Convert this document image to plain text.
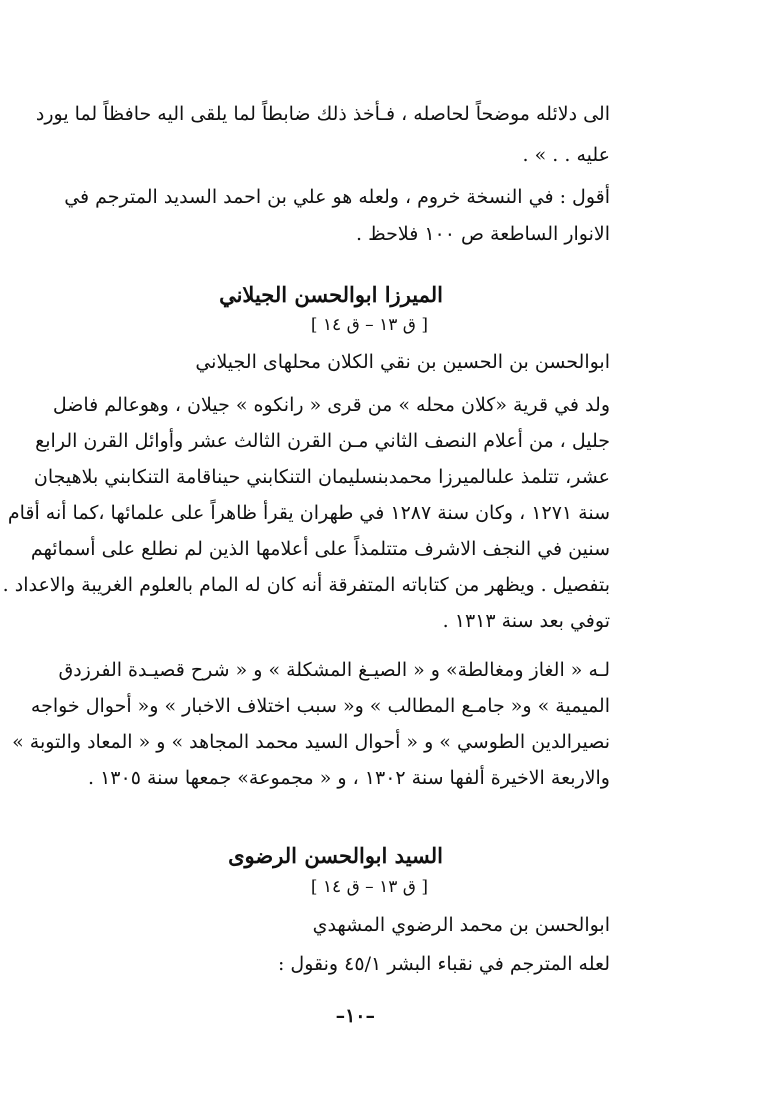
الى دلائله موضحاً لحاصله ، فـأخذ ذلك ضابطاً لما يلقى اليه حافظاً لما يورد
عليه . . » .
أقول : في النسخة خروم ، ولعله هو علي بن احمد السديد المترجم في
الانوار الساطعة ص ١٠٠ فلاحظ .
الميرزا ابوالحسن الجيلاني
[ ق ١٣ – ق ١٤ ]
ابوالحسن بن الحسين بن نقي الكلان محلهاى الجيلاني
ولد في قرية «كلان محله » من قرى « رانكوه » جيلان ، وهوعالم فاضل
جليل ، من أعلام النصف الثاني مـن القرن الثالث عشر وأوائل القرن الرابع
عشر، تتلمذ علىالميرزا محمدبنسليمان التنكابني حيناقامة التنكابني بلاهيجان
سنة ١٢٧١ ، وكان سنة ١٢٨٧ في طهران يقرأ ظاهراً على علمائها ،كما أنه أقام
سنين في النجف الاشرف متتلمذاً على أعلامها الذين لم نطلع على أسمائهم
بتفصيل . ويظهر من كتاباته المتفرقة أنه كان له المام بالعلوم الغريبة والاعداد .
توفي بعد سنة ١٣١٣ .
لـه « الغاز ومغالطة» و « الصيـغ المشكلة » و « شرح قصيـدة الفرزدق
الميمية » و« جامـع المطالب » و« سبب اختلاف الاخبار » و« أحوال خواجه
نصيرالدين الطوسي » و « أحوال السيد محمد المجاهد » و « المعاد والتوبة »
والاربعة الاخيرة ألفها سنة ١٣٠٢ ، و « مجموعة» جمعها سنة ١٣٠٥ .
السيد ابوالحسن الرضوى
[ ق ١٣ – ق ١٤ ]
ابوالحسن بن محمد الرضوي المشهدي
لعله المترجم في نقباء البشر ٤٥/١ ونقول :
–١٠–
